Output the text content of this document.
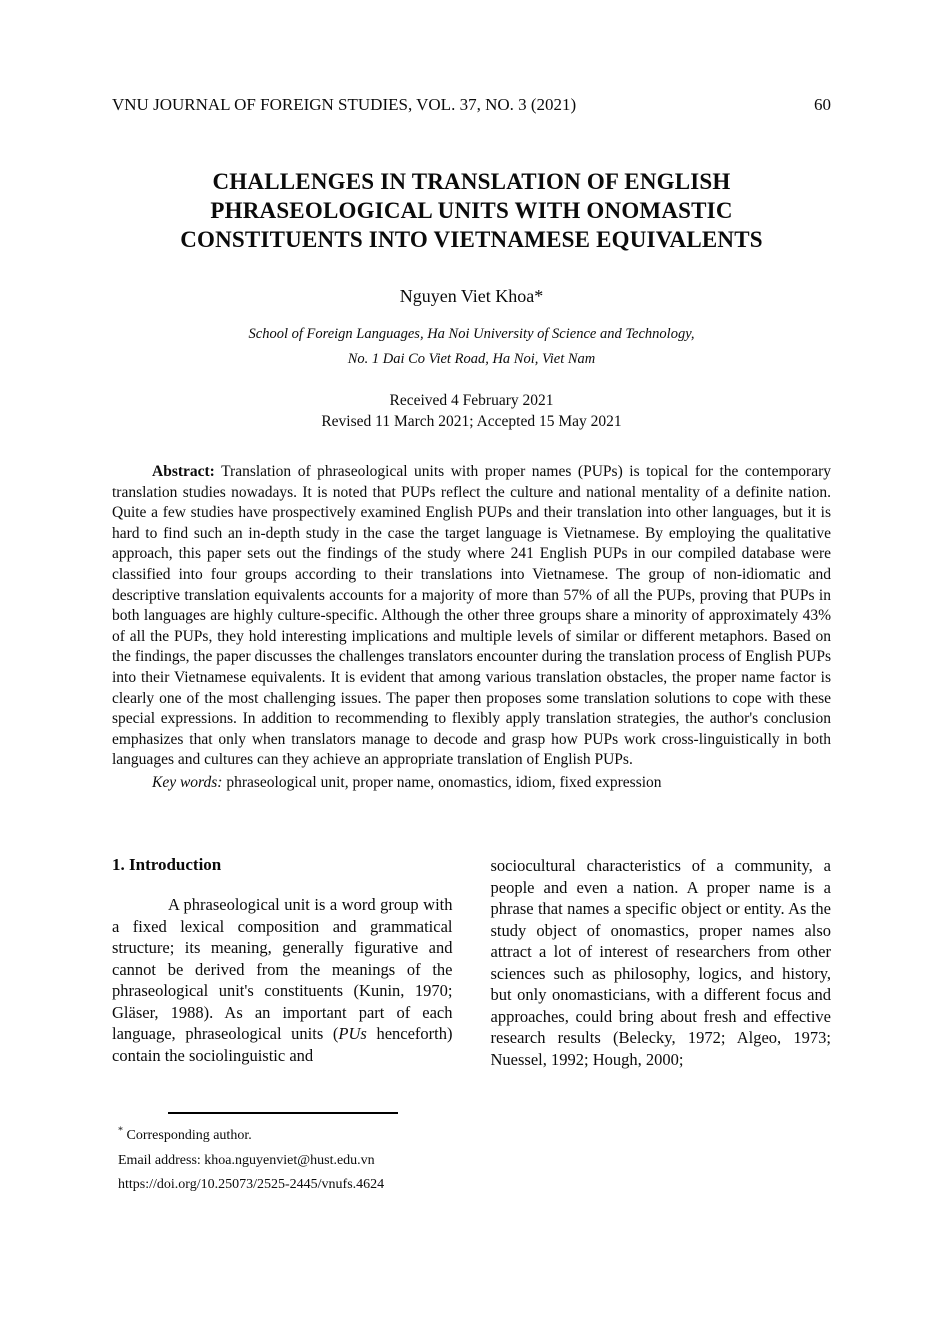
VNU JOURNAL OF FOREIGN STUDIES, VOL. 37, NO. 3 (2021)	60
CHALLENGES IN TRANSLATION OF ENGLISH
PHRASEOLOGICAL UNITS WITH ONOMASTIC
CONSTITUENTS INTO VIETNAMESE EQUIVALENTS
Nguyen Viet Khoa*
School of Foreign Languages, Ha Noi University of Science and Technology,
No. 1 Dai Co Viet Road, Ha Noi, Viet Nam
Received 4 February 2021
Revised 11 March 2021; Accepted 15 May 2021

Abstract: Translation of phraseological units with proper names (PUPs) is topical for the contemporary translation studies nowadays. It is noted that PUPs reflect the culture and national mentality of a definite nation. Quite a few studies have prospectively examined English PUPs and their translation into other languages, but it is hard to find such an in-depth study in the case the target language is Vietnamese. By employing the qualitative approach, this paper sets out the findings of the study where 241 English PUPs in our compiled database were classified into four groups according to their translations into Vietnamese. The group of non-idiomatic and descriptive translation equivalents accounts for a majority of more than 57% of all the PUPs, proving that PUPs in both languages are highly culture-specific. Although the other three groups share a minority of approximately 43% of all the PUPs, they hold interesting implications and multiple levels of similar or different metaphors. Based on the findings, the paper discusses the challenges translators encounter during the translation process of English PUPs into their Vietnamese equivalents. It is evident that among various translation obstacles, the proper name factor is clearly one of the most challenging issues. The paper then proposes some translation solutions to cope with these special expressions. In addition to recommending to flexibly apply translation strategies, the author's conclusion emphasizes that only when translators manage to decode and grasp how PUPs work cross-linguistically in both languages and cultures can they achieve an appropriate translation of English PUPs.

Key words: phraseological unit, proper name, onomastics, idiom, fixed expression

1. Introduction

A phraseological unit is a word group with a fixed lexical composition and grammatical structure; its meaning, generally figurative and cannot be derived from the meanings of the phraseological unit's constituents (Kunin, 1970; Gläser, 1988). As an important part of each language, phraseological units (PUs henceforth) contain the sociolinguistic and

sociocultural characteristics of a community, a people and even a nation. A proper name is a phrase that names a specific object or entity. As the study object of onomastics, proper names also attract a lot of interest of researchers from other sciences such as philosophy, logics, and history, but only onomasticians, with a different focus and approaches, could bring about fresh and effective research results (Belecky, 1972; Algeo, 1973; Nuessel, 1992; Hough, 2000;

* Corresponding author.

Email address: khoa.nguyenviet@hust.edu.vn

https://doi.org/10.25073/2525-2445/vnufs.4624
